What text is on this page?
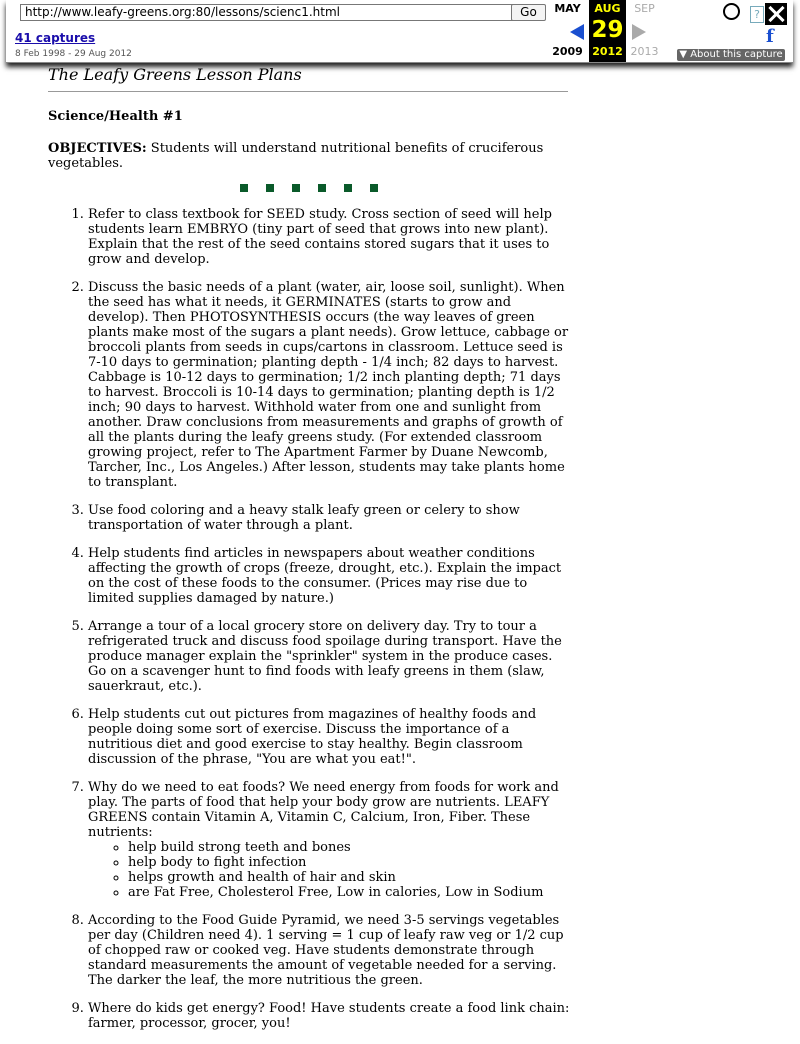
http://www.leafy-greens.org:80/lessons/scienc1.html	Go
41 captures
8 Feb 1998 - 29 Aug 2012
MAY
2009
AUG
29
2012
SEP
2013
?
f
▼ About this capture
The Leafy Greens Lesson Plans
Science/Health #1
OBJECTIVES: Students will understand nutritional benefits of cruciferous vegetables.
1. Refer to class textbook for SEED study. Cross section of seed will help students learn EMBRYO (tiny part of seed that grows into new plant). Explain that the rest of the seed contains stored sugars that it uses to grow and develop.
2. Discuss the basic needs of a plant (water, air, loose soil, sunlight). When the seed has what it needs, it GERMINATES (starts to grow and develop). Then PHOTOSYNTHESIS occurs (the way leaves of green plants make most of the sugars a plant needs). Grow lettuce, cabbage or broccoli plants from seeds in cups/cartons in classroom. Lettuce seed is 7-10 days to germination; planting depth - 1/4 inch; 82 days to harvest. Cabbage is 10-12 days to germination; 1/2 inch planting depth; 71 days to harvest. Broccoli is 10-14 days to germination; planting depth is 1/2 inch; 90 days to harvest. Withhold water from one and sunlight from another. Draw conclusions from measurements and graphs of growth of all the plants during the leafy greens study. (For extended classroom growing project, refer to The Apartment Farmer by Duane Newcomb, Tarcher, Inc., Los Angeles.) After lesson, students may take plants home to transplant.
3. Use food coloring and a heavy stalk leafy green or celery to show transportation of water through a plant.
4. Help students find articles in newspapers about weather conditions affecting the growth of crops (freeze, drought, etc.). Explain the impact on the cost of these foods to the consumer. (Prices may rise due to limited supplies damaged by nature.)
5. Arrange a tour of a local grocery store on delivery day. Try to tour a refrigerated truck and discuss food spoilage during transport. Have the produce manager explain the "sprinkler" system in the produce cases. Go on a scavenger hunt to find foods with leafy greens in them (slaw, sauerkraut, etc.).
6. Help students cut out pictures from magazines of healthy foods and people doing some sort of exercise. Discuss the importance of a nutritious diet and good exercise to stay healthy. Begin classroom discussion of the phrase, "You are what you eat!".
7. Why do we need to eat foods? We need energy from foods for work and play. The parts of food that help your body grow are nutrients. LEAFY GREENS contain Vitamin A, Vitamin C, Calcium, Iron, Fiber. These nutrients:
◦ help build strong teeth and bones
◦ help body to fight infection
◦ helps growth and health of hair and skin
◦ are Fat Free, Cholesterol Free, Low in calories, Low in Sodium
8. According to the Food Guide Pyramid, we need 3-5 servings vegetables per day (Children need 4). 1 serving = 1 cup of leafy raw veg or 1/2 cup of chopped raw or cooked veg. Have students demonstrate through standard measurements the amount of vegetable needed for a serving. The darker the leaf, the more nutritious the green.
9. Where do kids get energy? Food! Have students create a food link chain: farmer, processor, grocer, you!
